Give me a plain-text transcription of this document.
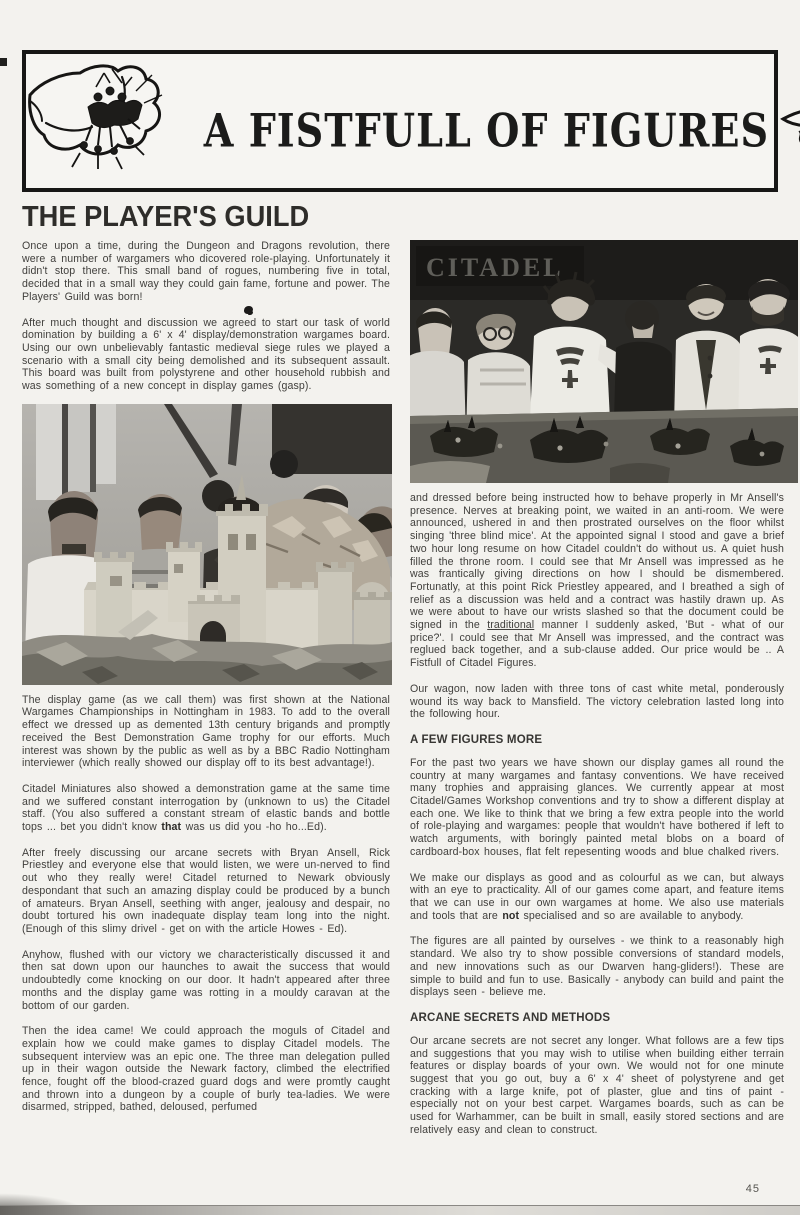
A FISTFULL OF FIGURES
THE PLAYER'S GUILD

Once upon a time, during the Dungeon and Dragons revolution, there were a number of wargamers who dicovered role-playing. Unfortunately it didn't stop there. This small band of rogues, numbering five in total, decided that in a small way they could gain fame, fortune and power. The Players' Guild was born!

After much thought and discussion we agreed to start our task of world domination by building a 6' x 4' display/demonstration wargames board. Using our own unbelievably fantastic medieval siege rules we played a scenario with a small city being demolished and its subsequent assault. This board was built from polystyrene and other household rubbish and was something of a new concept in display games (gasp).

The display game (as we call them) was first shown at the National Wargames Championships in Nottingham in 1983. To add to the overall effect we dressed up as demented 13th century brigands and promptly received the Best Demonstration Game trophy for our efforts. Much interest was shown by the public as well as by a BBC Radio Nottingham interviewer (which really showed our display off to its best advantage!).

Citadel Miniatures also showed a demonstration game at the same time and we suffered constant interrogation by (unknown to us) the Citadel staff. (You also suffered a constant stream of elastic bands and bottle tops ... bet you didn't know that was us did you -ho ho...Ed).

After freely discussing our arcane secrets with Bryan Ansell, Rick Priestley and everyone else that would listen, we were un-nerved to find out who they really were! Citadel returned to Newark obviously despondant that such an amazing display could be produced by a bunch of amateurs. Bryan Ansell, seething with anger, jealousy and despair, no doubt tortured his own inadequate display team long into the night. (Enough of this slimy drivel - get on with the article Howes - Ed).

Anyhow, flushed with our victory we characteristically discussed it and then sat down upon our haunches to await the success that would undoubtedly come knocking on our door. It hadn't appeared after three months and the display game was rotting in a mouldy caravan at the bottom of our garden.

Then the idea came! We could approach the moguls of Citadel and explain how we could make games to display Citadel models. The subsequent interview was an epic one. The three man delegation pulled up in their wagon outside the Newark factory, climbed the electrified fence, fought off the blood-crazed guard dogs and were promtly caught and thrown into a dungeon by a couple of burly tea-ladies. We were disarmed, stripped, bathed, deloused, perfumed

CITADEL

and dressed before being instructed how to behave properly in Mr Ansell's presence. Nerves at breaking point, we waited in an anti-room. We were announced, ushered in and then prostrated ourselves on the floor whilst singing 'three blind mice'. At the appointed signal I stood and gave a brief two hour long resume on how Citadel couldn't do without us. A quiet hush filled the throne room. I could see that Mr Ansell was impressed as he was frantically giving directions on how I should be dismembered. Fortunatly, at this point Rick Priestley appeared, and I breathed a sigh of relief as a discussion was held and a contract was hastily drawn up. As we were about to have our wrists slashed so that the document could be signed in the traditional manner I suddenly asked, 'But - what of our price?'. I could see that Mr Ansell was impressed, and the contract was reglued back together, and a sub-clause added. Our price would be .. A Fistfull of Citadel Figures.

Our wagon, now laden with three tons of cast white metal, ponderously wound its way back to Mansfield. The victory celebration lasted long into the following hour.

A FEW FIGURES MORE

For the past two years we have shown our display games all round the country at many wargames and fantasy conventions. We have received many trophies and appraising glances. We currently appear at most Citadel/Games Workshop conventions and try to show a different display at each one. We like to think that we bring a few extra people into the world of role-playing and wargames: people that wouldn't have bothered if left to watch arguments, with boringly painted metal blobs on a board of cardboard-box houses, flat felt repesenting woods and blue chalked rivers.

We make our displays as good and as colourful as we can, but always with an eye to practicality. All of our games come apart, and feature items that we can use in our own wargames at home. We also use materials and tools that are not specialised and so are available to anybody.

The figures are all painted by ourselves - we think to a reasonably high standard. We also try to show possible conversions of standard models, and new innovations such as our Dwarven hang-gliders!). These are simple to build and fun to use. Basically - anybody can build and paint the displays seen - believe me.

ARCANE SECRETS AND METHODS

Our arcane secrets are not secret any longer. What follows are a few tips and suggestions that you may wish to utilise when building either terrain features or display boards of your own. We would not for one minute suggest that you go out, buy a 6' x 4' sheet of polystyrene and get cracking with a large knife, pot of plaster, glue and tins of paint - especially not on your best carpet. Wargames boards, such as can be used for Warhammer, can be built in small, easily stored sections and are relatively easy and clean to construct.

45
